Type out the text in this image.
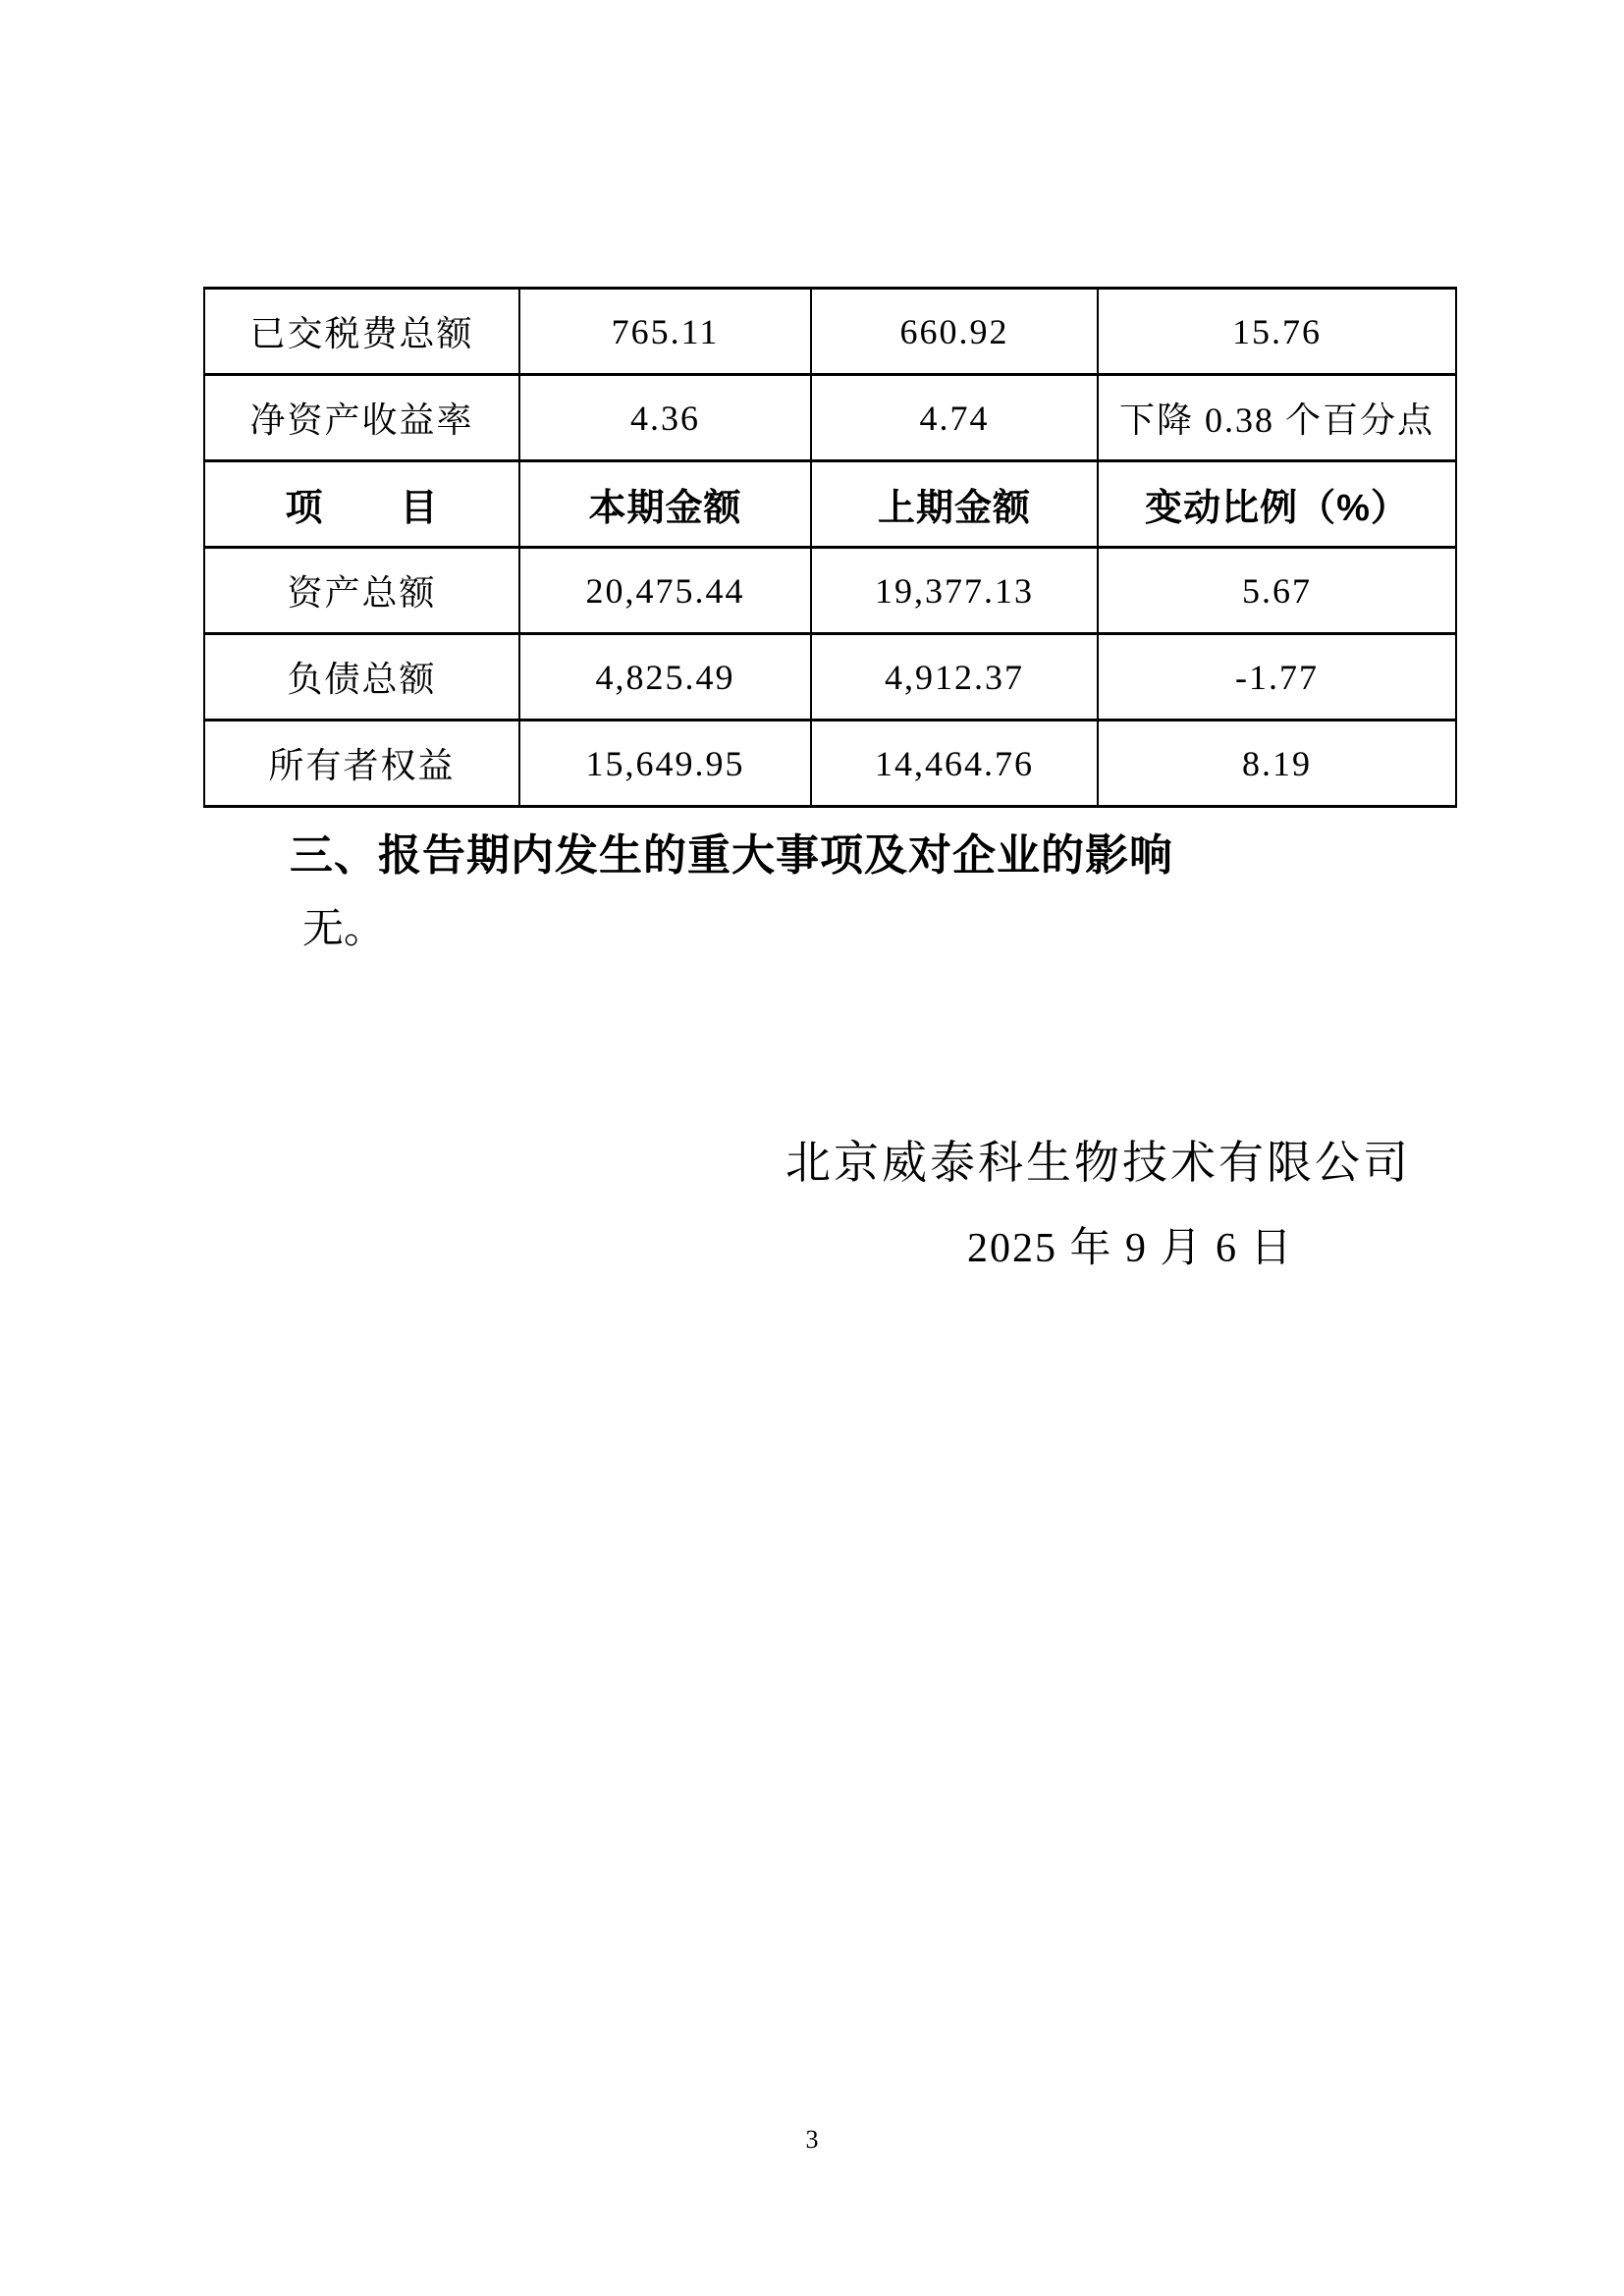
已交税费总额	765.11	660.92	15.76
净资产收益率	4.36	4.74	下降 0.38 个百分点
项　　目	本期金额	上期金额	变动比例（%）
资产总额	20,475.44	19,377.13	5.67
负债总额	4,825.49	4,912.37	-1.77
所有者权益	15,649.95	14,464.76	8.19
三、报告期内发生的重大事项及对企业的影响
无。
北京威泰科生物技术有限公司
2025 年 9 月 6 日
3
